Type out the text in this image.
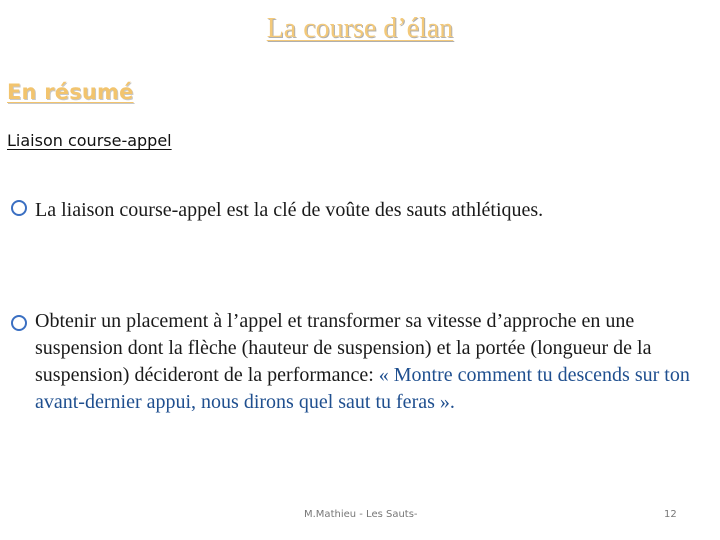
La course d’élan
En résumé
Liaison course-appel
La liaison course-appel est la clé de voûte des sauts athlétiques.
Obtenir un placement à l’appel et transformer sa vitesse d’approche en une suspension dont la flèche (hauteur de suspension) et la portée (longueur de la suspension) décideront de la performance: « Montre comment tu descends sur ton avant-dernier appui, nous dirons quel saut tu feras ».
M.Mathieu - Les Sauts-	12
